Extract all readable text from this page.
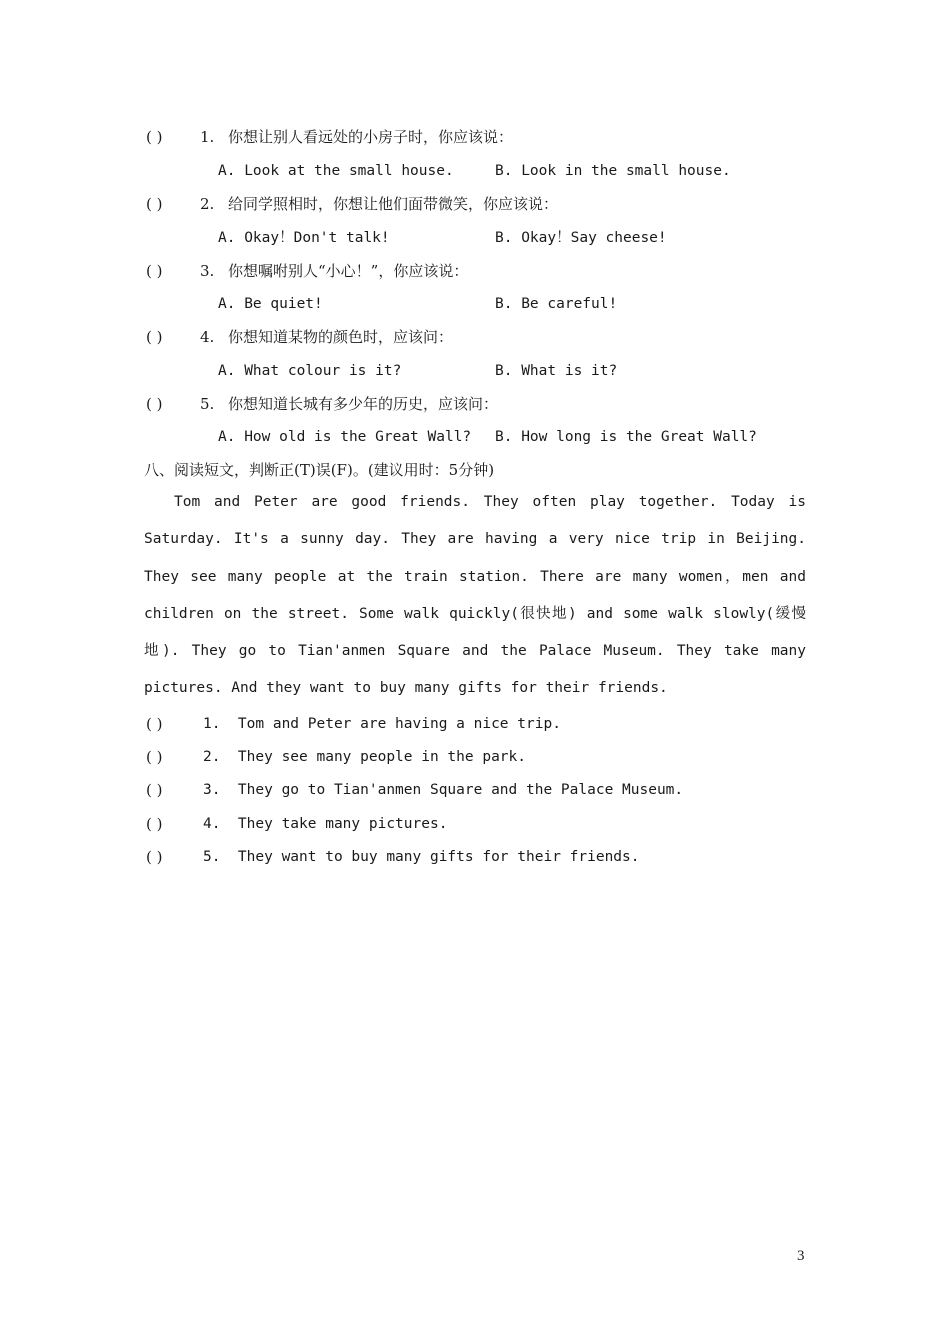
( )	1. 你想让别人看远处的小房子时，你应该说：
A. Look at the small house.	B. Look in the small house.
( )	2. 给同学照相时，你想让他们面带微笑，你应该说：
A. Okay！Don't talk!	B. Okay！Say cheese!
( )	3. 你想嘱咐别人“小心！”，你应该说：
A. Be quiet!	B. Be careful!
( )	4. 你想知道某物的颜色时，应该问：
A. What colour is it?	B. What is it?
( )	5. 你想知道长城有多少年的历史，应该问：
A. How old is the Great Wall? B. How long is the Great Wall?
八、阅读短文，判断正(T)误(F)。(建议用时：5分钟)
Tom and Peter are good friends. They often play together. Today is Saturday. It's a sunny day. They are having a very nice trip in Beijing. They see many people at the train station. There are many women，men and children on the street. Some walk quickly(很快地) and some walk slowly(缓慢地). They go to Tian'anmen Square and the Palace Museum. They take many pictures. And they want to buy many gifts for their friends.
( )	1.  Tom and Peter are having a nice trip.
( )	2.  They see many people in the park.
( )	3.  They go to Tian'anmen Square and the Palace Museum.
( )	4.  They take many pictures.
( )	5.  They want to buy many gifts for their friends.
3
